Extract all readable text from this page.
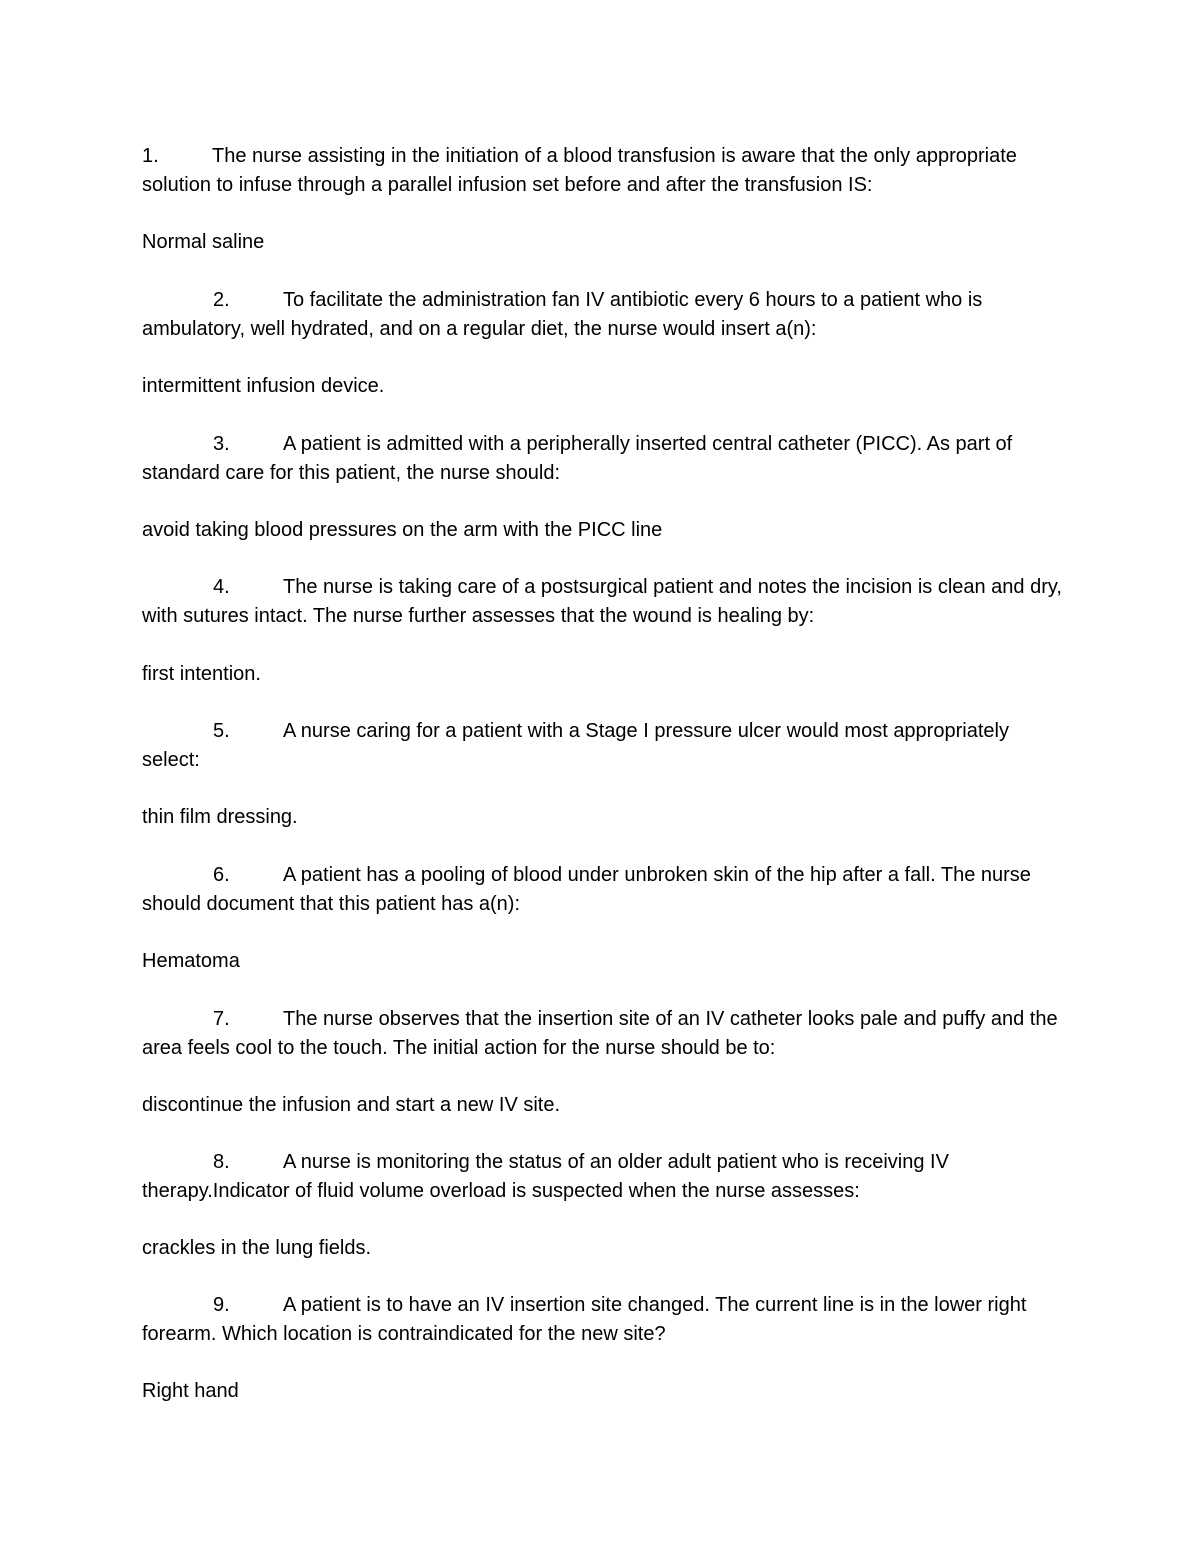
1.	The nurse assisting in the initiation of a blood transfusion is aware that the only appropriate solution to infuse through a parallel infusion set before and after the transfusion IS:

Normal saline

2.	To facilitate the administration fan IV antibiotic every 6 hours to a patient who is ambulatory, well hydrated, and on a regular diet, the nurse would insert a(n):

intermittent infusion device.

3.	A patient is admitted with a peripherally inserted central catheter (PICC). As part of standard care for this patient, the nurse should:

avoid taking blood pressures on the arm with the PICC line

4.	The nurse is taking care of a postsurgical patient and notes the incision is clean and dry, with sutures intact. The nurse further assesses that the wound is healing by:

first intention.

5.	A nurse caring for a patient with a Stage I pressure ulcer would most appropriately select:

thin film dressing.

6.	A patient has a pooling of blood under unbroken skin of the hip after a fall. The nurse should document that this patient has a(n):

Hematoma

7.	The nurse observes that the insertion site of an IV catheter looks pale and puffy and the area feels cool to the touch. The initial action for the nurse should be to:

discontinue the infusion and start a new IV site.

8.	A nurse is monitoring the status of an older adult patient who is receiving IV therapy.Indicator of fluid volume overload is suspected when the nurse assesses:

crackles in the lung fields.

9.	A patient is to have an IV insertion site changed. The current line is in the lower right forearm. Which location is contraindicated for the new site?

Right hand
